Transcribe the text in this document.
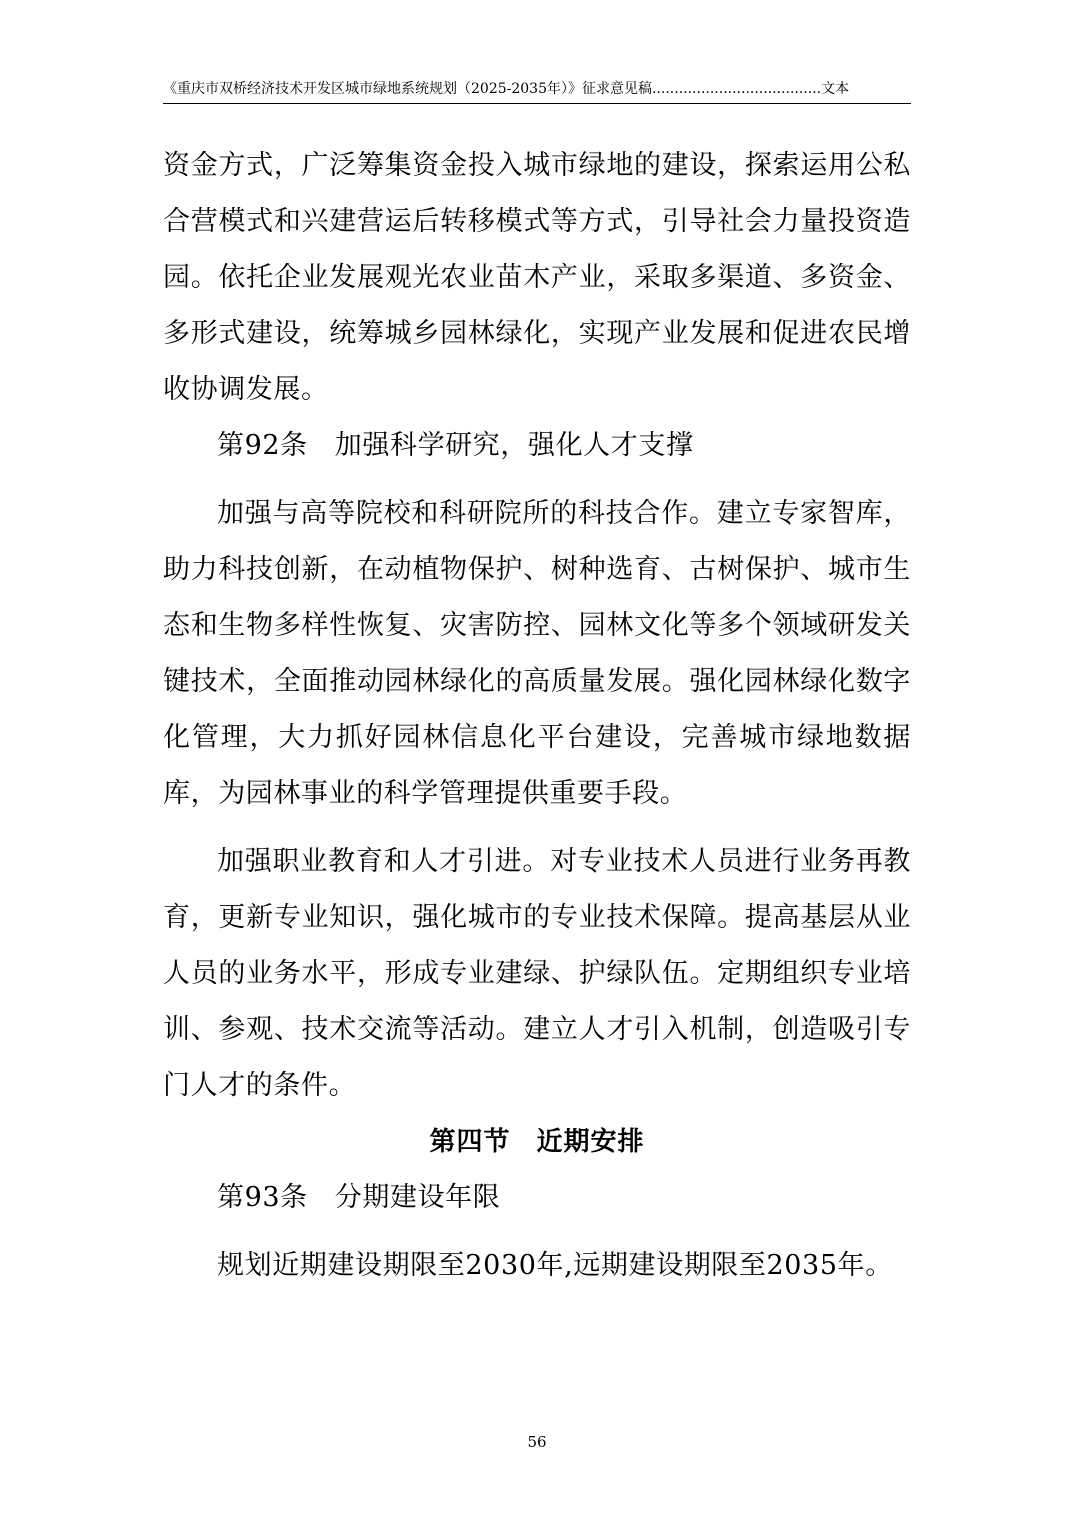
《重庆市双桥经济技术开发区城市绿地系统规划（2025-2035年）》征求意见稿......................................文本

资金方式，广泛筹集资金投入城市绿地的建设，探索运用公私合营模式和兴建营运后转移模式等方式，引导社会力量投资造园。依托企业发展观光农业苗木产业，采取多渠道、多资金、多形式建设，统筹城乡园林绿化，实现产业发展和促进农民增收协调发展。

第92条 加强科学研究，强化人才支撑

加强与高等院校和科研院所的科技合作。建立专家智库，助力科技创新，在动植物保护、树种选育、古树保护、城市生态和生物多样性恢复、灾害防控、园林文化等多个领域研发关键技术，全面推动园林绿化的高质量发展。强化园林绿化数字化管理，大力抓好园林信息化平台建设，完善城市绿地数据库，为园林事业的科学管理提供重要手段。

加强职业教育和人才引进。对专业技术人员进行业务再教育，更新专业知识，强化城市的专业技术保障。提高基层从业人员的业务水平，形成专业建绿、护绿队伍。定期组织专业培训、参观、技术交流等活动。建立人才引入机制，创造吸引专门人才的条件。

第四节 近期安排
第93条 分期建设年限

规划近期建设期限至2030年,远期建设期限至2035年。

56
